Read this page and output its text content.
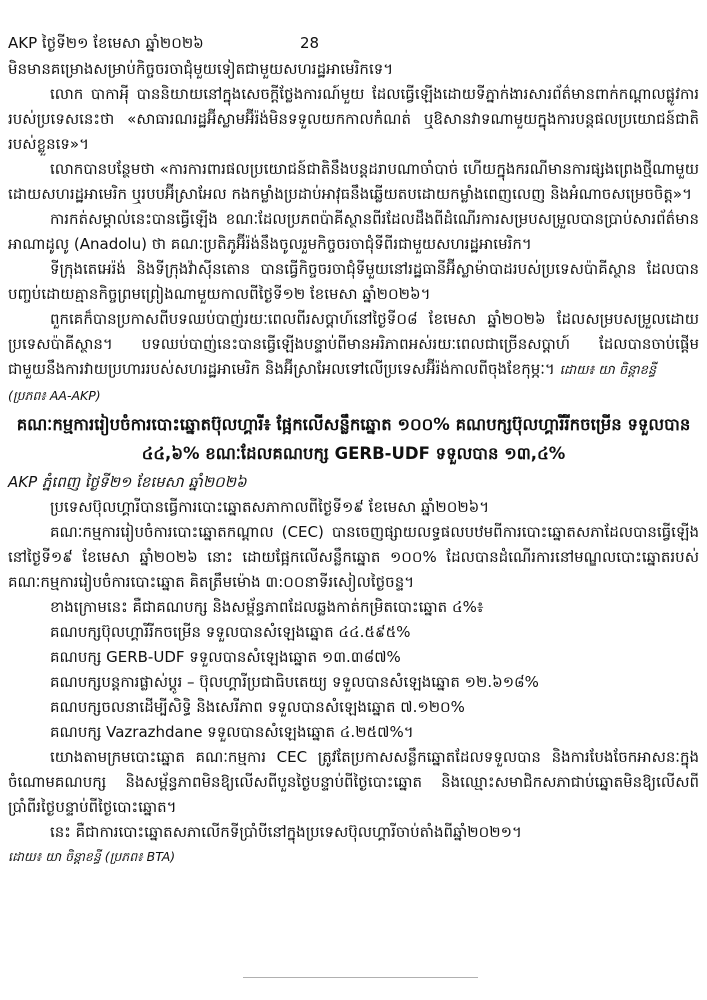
AKP ថ្ងៃទី២១ ខែមេសា ឆ្នាំ២០២៦	28

មិនមានគម្រោងសម្រាប់កិច្ចចរចាជុំមួយទៀតជាមួយសហរដ្ឋអាមេរិកទេ។

លោក បាកាអុី បាននិយាយនៅក្នុងសេចក្តីថ្លែងការណ៍មួយ ដែលធ្វើឡើងដោយទីភ្នាក់ងារសារព័ត៌មានពាក់កណ្តាលផ្លូវការរបស់ប្រទេសនេះថា «សាធារណរដ្ឋអ៊ីស្លាមអ៊ីរ៉ង់មិនទទួលយកកាលកំណត់ ឬឱសានវាទណាមួយក្នុងការបន្តផលប្រយោជន៍ជាតិរបស់ខ្លួនទេ»។

លោកបានបន្ថែមថា «ការការពារផលប្រយោជន៍ជាតិនឹងបន្តដរាបណាចាំបាច់ ហើយក្នុងករណីមានការផ្សងព្រេងថ្មីណាមួយដោយសហរដ្ឋអាមេរិក ឬរបបអ៊ីស្រាអែល កងកម្លាំងប្រដាប់អាវុធនឹងឆ្លើយតបដោយកម្លាំងពេញលេញ និងអំណាចសម្រេចចិត្ត»។

ការកត់សម្គាល់នេះបានធ្វើឡើង ខណៈដែលប្រភពប៉ាគីស្ថានពីរដែលដឹងពីដំណើរការសម្របសម្រួលបានប្រាប់សារព័ត៌មានអាណាដូលូ (Anadolu) ថា គណៈប្រតិភូអ៊ីរ៉ង់នឹងចូលរួមកិច្ចចរចាជុំទីពីរជាមួយសហរដ្ឋអាមេរិក។

ទីក្រុងតេអេរ៉ង់ និងទីក្រុងវ៉ាស៊ីនតោន បានធ្វើកិច្ចចរចាជុំទីមួយនៅរដ្ឋធានីអ៊ីស្លាម៉ាបាដរបស់ប្រទេសប៉ាគីស្ថាន ដែលបានបញ្ចប់ដោយគ្មានកិច្ចព្រមព្រៀងណាមួយកាលពីថ្ងៃទី១២ ខែមេសា ឆ្នាំ២០២៦។

ពួកគេក៏បានប្រកាសពីបទឈប់បាញ់រយៈពេលពីរសប្តាហ៍នៅថ្ងៃទី០៨ ខែមេសា ឆ្នាំ២០២៦ ដែលសម្របសម្រួលដោយប្រទេសប៉ាគីស្ថាន។ បទឈប់បាញ់នេះបានធ្វើឡើងបន្ទាប់ពីមានអរិភាពអស់រយៈពេលជាច្រើនសប្តាហ៍ ដែលបានចាប់ផ្តើមជាមួយនឹងការវាយប្រហាររបស់សហរដ្ឋអាមេរិក និងអ៊ីស្រាអែលទៅលើប្រទេសអ៊ីរ៉ង់កាលពីចុងខែកុម្ភៈ។ ដោយ៖ យា ចិន្តាខន្ធី

(ប្រភព៖ AA-AKP)

គណៈកម្មការរៀបចំការបោះឆ្នោតប៊ុលហ្គារី៖ ផ្អែកលើសន្លឹកឆ្នោត ១០០% គណបក្សប៊ុលហ្គារីរីកចម្រើន ទទួលបាន ៤៤,៦% ខណៈដែលគណបក្ស GERB-UDF ទទួលបាន ១៣,៤%

AKP ភ្នំពេញ ថ្ងៃទី២១ ខែមេសា ឆ្នាំ២០២៦

ប្រទេសប៊ុលហ្គារីបានធ្វើការបោះឆ្នោតសភាកាលពីថ្ងៃទី១៩ ខែមេសា ឆ្នាំ២០២៦។

គណៈកម្មការរៀបចំការបោះឆ្នោតកណ្តាល (CEC) បានចេញផ្សាយលទ្ធផលបឋមពីការបោះឆ្នោតសភាដែលបានធ្វើឡើងនៅថ្ងៃទី១៩ ខែមេសា ឆ្នាំ២០២៦ នោះ ដោយផ្អែកលើសន្លឹកឆ្នោត ១០០% ដែលបានដំណើរការនៅមណ្ឌលបោះឆ្នោតរបស់គណៈកម្មការរៀបចំការបោះឆ្នោត គិតត្រឹមម៉ោង ៣:០០នាទីរសៀលថ្ងៃចន្ទ។

ខាងក្រោមនេះ គឺជាគណបក្ស និងសម្ព័ន្ធភាពដែលឆ្លងកាត់កម្រិតបោះឆ្នោត ៤%៖

គណបក្សប៊ុលហ្គារីរីកចម្រើន ទទួលបានសំឡេងឆ្នោត ៤៤.៥៩៥%

គណបក្ស GERB-UDF ទទួលបានសំឡេងឆ្នោត ១៣.៣៨៧%

គណបក្សបន្តការផ្លាស់ប្ដូរ – ប៊ុលហ្គារីប្រជាធិបតេយ្យ ទទួលបានសំឡេងឆ្នោត ១២.៦១៨%

គណបក្សចលនាដើម្បីសិទ្ធិ និងសេរីភាព ទទួលបានសំឡេងឆ្នោត ៧.១២០%

គណបក្ស Vazrazhdane ទទួលបានសំឡេងឆ្នោត ៤.២៥៧%។

យោងតាមក្រមបោះឆ្នោត គណៈកម្មការ CEC ត្រូវតែប្រកាសសន្លឹកឆ្នោតដែលទទួលបាន និងការបែងចែកអាសនៈក្នុងចំណោមគណបក្ស និងសម្ព័ន្ធភាពមិនឱ្យលើសពីបួនថ្ងៃបន្ទាប់ពីថ្ងៃបោះឆ្នោត និងឈ្មោះសមាជិកសភាជាប់ឆ្នោតមិនឱ្យលើសពីប្រាំពីរថ្ងៃបន្ទាប់ពីថ្ងៃបោះឆ្នោត។

នេះ គឺជាការបោះឆ្នោតសភាលើកទីប្រាំបីនៅក្នុងប្រទេសប៊ុលហ្គារីចាប់តាំងពីឆ្នាំ២០២១។

ដោយ៖ យា ចិន្តាខន្ធី (ប្រភព៖ BTA)
